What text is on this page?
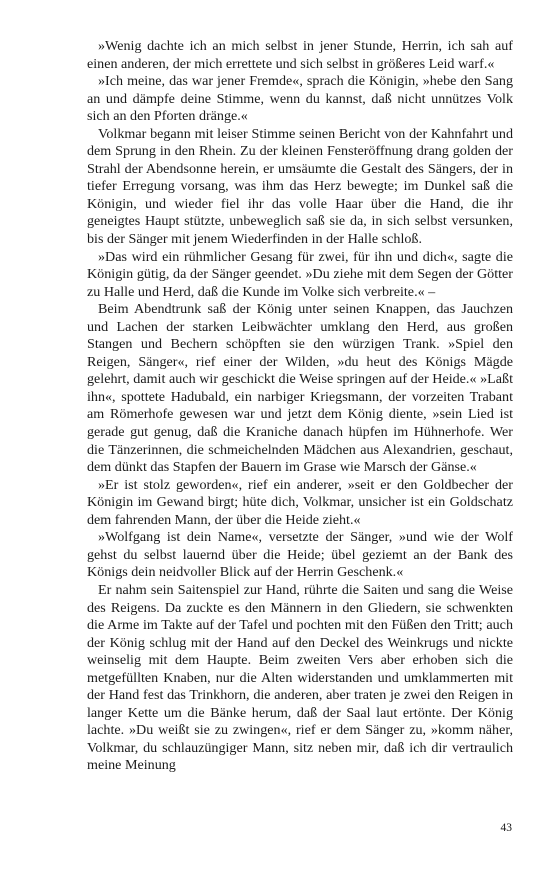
»Wenig dachte ich an mich selbst in jener Stunde, Herrin, ich sah auf einen anderen, der mich errettete und sich selbst in größeres Leid warf.«

»Ich meine, das war jener Fremde«, sprach die Königin, »hebe den Sang an und dämpfe deine Stimme, wenn du kannst, daß nicht unnützes Volk sich an den Pforten dränge.«

Volkmar begann mit leiser Stimme seinen Bericht von der Kahnfahrt und dem Sprung in den Rhein. Zu der kleinen Fensteröffnung drang golden der Strahl der Abendsonne herein, er umsäumte die Gestalt des Sängers, der in tiefer Erregung vorsang, was ihm das Herz bewegte; im Dunkel saß die Königin, und wieder fiel ihr das volle Haar über die Hand, die ihr geneigtes Haupt stützte, unbeweglich saß sie da, in sich selbst versunken, bis der Sänger mit jenem Wiederfinden in der Halle schloß.

»Das wird ein rühmlicher Gesang für zwei, für ihn und dich«, sagte die Königin gütig, da der Sänger geendet. »Du ziehe mit dem Segen der Götter zu Halle und Herd, daß die Kunde im Volke sich verbreite.« –

Beim Abendtrunk saß der König unter seinen Knappen, das Jauchzen und Lachen der starken Leibwächter umklang den Herd, aus großen Stangen und Bechern schöpften sie den würzigen Trank. »Spiel den Reigen, Sänger«, rief einer der Wilden, »du heut des Königs Mägde gelehrt, damit auch wir geschickt die Weise springen auf der Heide.« »Laßt ihn«, spottete Hadubald, ein narbiger Kriegsmann, der vorzeiten Trabant am Römerhofe gewesen war und jetzt dem König diente, »sein Lied ist gerade gut genug, daß die Kraniche danach hüpfen im Hühnerhofe. Wer die Tänzerinnen, die schmeichelnden Mädchen aus Alexandrien, geschaut, dem dünkt das Stapfen der Bauern im Grase wie Marsch der Gänse.«

»Er ist stolz geworden«, rief ein anderer, »seit er den Goldbecher der Königin im Gewand birgt; hüte dich, Volkmar, unsicher ist ein Goldschatz dem fahrenden Mann, der über die Heide zieht.«

»Wolfgang ist dein Name«, versetzte der Sänger, »und wie der Wolf gehst du selbst lauernd über die Heide; übel geziemt an der Bank des Königs dein neidvoller Blick auf der Herrin Geschenk.«

Er nahm sein Saitenspiel zur Hand, rührte die Saiten und sang die Weise des Reigens. Da zuckte es den Männern in den Gliedern, sie schwenkten die Arme im Takte auf der Tafel und pochten mit den Füßen den Tritt; auch der König schlug mit der Hand auf den Deckel des Weinkrugs und nickte weinselig mit dem Haupte. Beim zweiten Vers aber erhoben sich die metgefüllten Knaben, nur die Alten widerstanden und umklammerten mit der Hand fest das Trinkhorn, die anderen, aber traten je zwei den Reigen in langer Kette um die Bänke herum, daß der Saal laut ertönte. Der König lachte. »Du weißt sie zu zwingen«, rief er dem Sänger zu, »komm näher, Volkmar, du schlauzüngiger Mann, sitz neben mir, daß ich dir vertraulich meine Meinung

43
